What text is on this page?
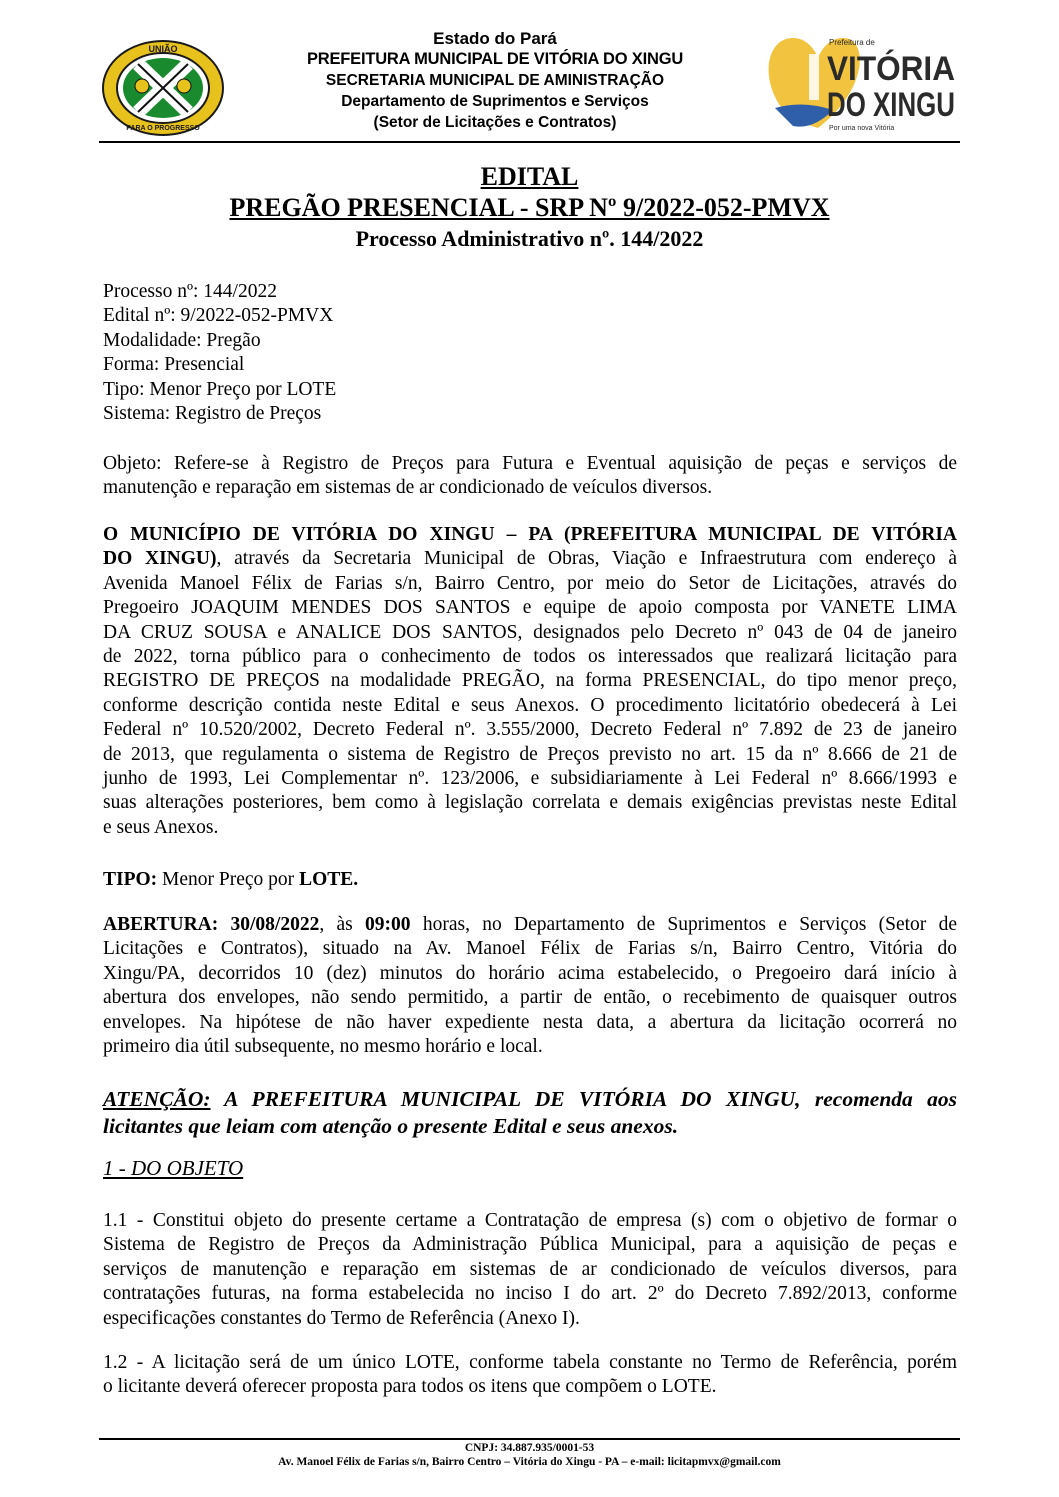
UNIÃO
PARA O PROGRESSO
Estado do Pará
PREFEITURA MUNICIPAL DE VITÓRIA DO XINGU
SECRETARIA MUNICIPAL DE AMINISTRAÇÃO
Departamento de Suprimentos e Serviços
(Setor de Licitações e Contratos)
Prefeitura de
VITÓRIA
DO XINGU
Por uma nova Vitória
EDITAL
PREGÃO PRESENCIAL - SRP Nº 9/2022-052-PMVX
Processo Administrativo nº. 144/2022
Processo nº: 144/2022
Edital nº: 9/2022-052-PMVX
Modalidade: Pregão
Forma: Presencial
Tipo: Menor Preço por LOTE
Sistema: Registro de Preços
Objeto: Refere-se à Registro de Preços para Futura e Eventual aquisição de peças e serviços de
manutenção e reparação em sistemas de ar condicionado de veículos diversos.
O MUNICÍPIO DE VITÓRIA DO XINGU – PA (PREFEITURA MUNICIPAL DE VITÓRIA
DO XINGU), através da Secretaria Municipal de Obras, Viação e Infraestrutura com endereço à
Avenida Manoel Félix de Farias s/n, Bairro Centro, por meio do Setor de Licitações, através do
Pregoeiro JOAQUIM MENDES DOS SANTOS e equipe de apoio composta por VANETE LIMA
DA CRUZ SOUSA e ANALICE DOS SANTOS, designados pelo Decreto nº 043 de 04 de janeiro
de 2022, torna público para o conhecimento de todos os interessados que realizará licitação para
REGISTRO DE PREÇOS na modalidade PREGÃO, na forma PRESENCIAL, do tipo menor preço,
conforme descrição contida neste Edital e seus Anexos. O procedimento licitatório obedecerá à Lei
Federal nº 10.520/2002, Decreto Federal nº. 3.555/2000, Decreto Federal nº 7.892 de 23 de janeiro
de 2013, que regulamenta o sistema de Registro de Preços previsto no art. 15 da nº 8.666 de 21 de
junho de 1993, Lei Complementar nº. 123/2006, e subsidiariamente à Lei Federal nº 8.666/1993 e
suas alterações posteriores, bem como à legislação correlata e demais exigências previstas neste Edital
e seus Anexos.
TIPO: Menor Preço por LOTE.
ABERTURA: 30/08/2022, às 09:00 horas, no Departamento de Suprimentos e Serviços (Setor de
Licitações e Contratos), situado na Av. Manoel Félix de Farias s/n, Bairro Centro, Vitória do
Xingu/PA, decorridos 10 (dez) minutos do horário acima estabelecido, o Pregoeiro dará início à
abertura dos envelopes, não sendo permitido, a partir de então, o recebimento de quaisquer outros
envelopes. Na hipótese de não haver expediente nesta data, a abertura da licitação ocorrerá no
primeiro dia útil subsequente, no mesmo horário e local.
ATENÇÃO: A PREFEITURA MUNICIPAL DE VITÓRIA DO XINGU, recomenda aos
licitantes que leiam com atenção o presente Edital e seus anexos.
1 - DO OBJETO
1.1 - Constitui objeto do presente certame a Contratação de empresa (s) com o objetivo de formar o
Sistema de Registro de Preços da Administração Pública Municipal, para a aquisição de peças e
serviços de manutenção e reparação em sistemas de ar condicionado de veículos diversos, para
contratações futuras, na forma estabelecida no inciso I do art. 2º do Decreto 7.892/2013, conforme
especificações constantes do Termo de Referência (Anexo I).
1.2 - A licitação será de um único LOTE, conforme tabela constante no Termo de Referência, porém
o licitante deverá oferecer proposta para todos os itens que compõem o LOTE.
CNPJ: 34.887.935/0001-53
Av. Manoel Félix de Farias s/n, Bairro Centro – Vitória do Xingu - PA – e-mail: licitapmvx@gmail.com
